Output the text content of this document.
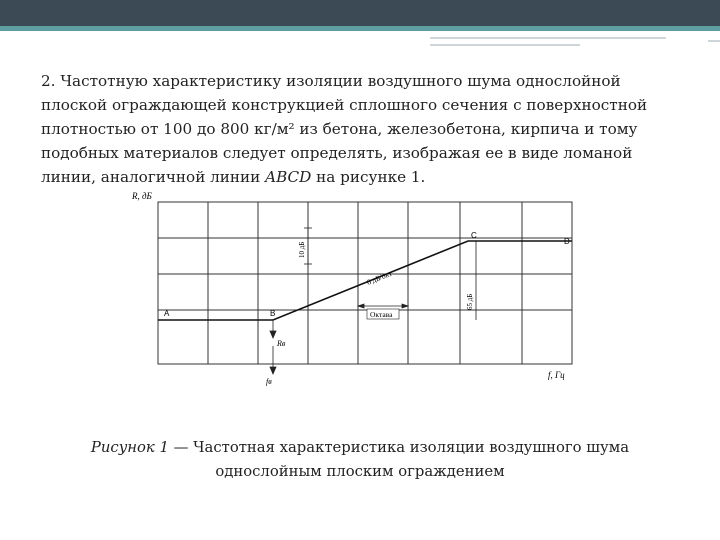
2. Частотную характеристику изоляции воздушного шума однослойной плоской ограждающей конструкцией сплошного сечения с поверхностной плотностью от 100 до 800 кг/м² из бетона, железобетона, кирпича и тому подобных материалов следует определять, изображая ее в виде ломаной линии, аналогичной линии ABCD на рисунке 1.

R, дБ
f, Гц
A	B
C
D
Rв
fв
10 дБ
65 дБ
6 дБ/окт
Октава
Рисунок 1 — Частотная характеристика изоляции воздушного шума однослойным плоским ограждением
